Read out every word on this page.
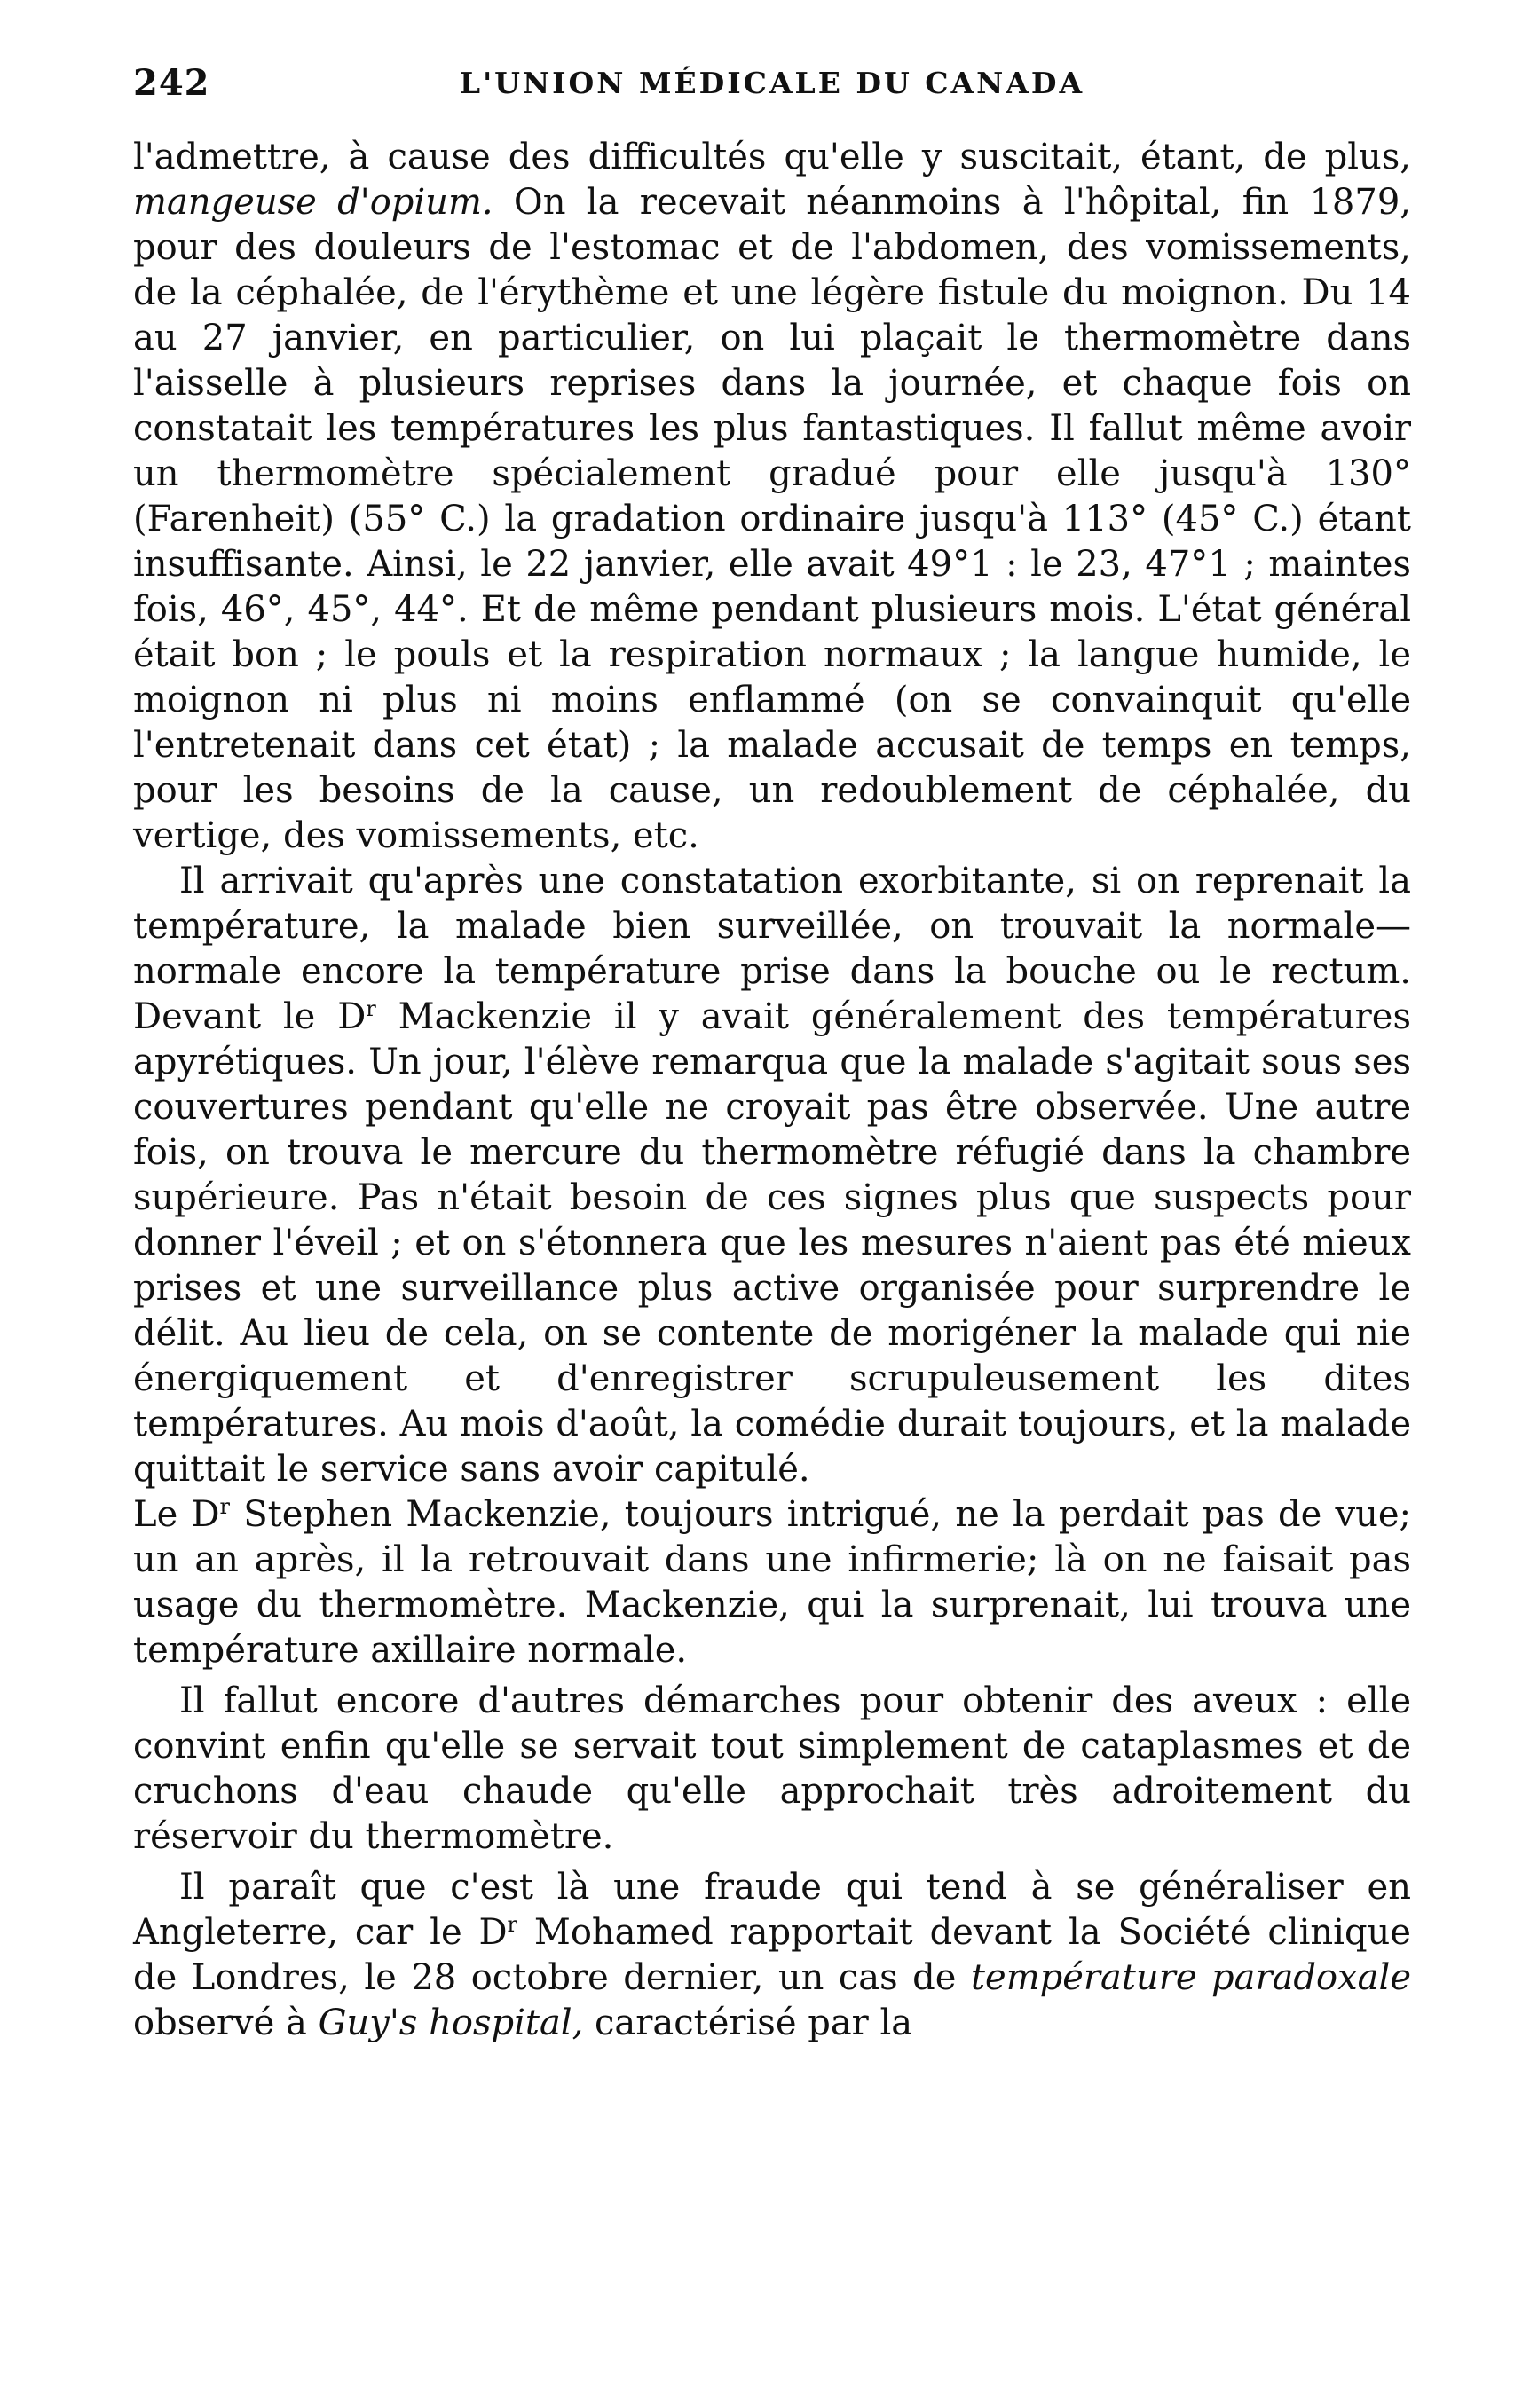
242	L'UNION MÉDICALE DU CANADA

l'admettre, à cause des difficultés qu'elle y suscitait, étant, de plus, mangeuse d'opium. On la recevait néanmoins à l'hôpital, fin 1879, pour des douleurs de l'estomac et de l'abdomen, des vomissements, de la céphalée, de l'érythème et une légère fistule du moignon. Du 14 au 27 janvier, en particulier, on lui plaçait le thermomètre dans l'aisselle à plusieurs reprises dans la journée, et chaque fois on constatait les températures les plus fantastiques. Il fallut même avoir un thermomètre spécialement gradué pour elle jusqu'à 130° (Farenheit) (55° C.) la gradation ordinaire jusqu'à 113° (45° C.) étant insuffisante. Ainsi, le 22 janvier, elle avait 49°1 : le 23, 47°1 ; maintes fois, 46°, 45°, 44°. Et de même pendant plusieurs mois. L'état général était bon ; le pouls et la respiration normaux ; la langue humide, le moignon ni plus ni moins enflammé (on se convainquit qu'elle l'entretenait dans cet état) ; la malade accusait de temps en temps, pour les besoins de la cause, un redoublement de céphalée, du vertige, des vomissements, etc.

Il arrivait qu'après une constatation exorbitante, si on reprenait la température, la malade bien surveillée, on trouvait la normale—normale encore la température prise dans la bouche ou le rectum. Devant le $D^r$ Mackenzie il y avait généralement des températures apyrétiques. Un jour, l'élève remarqua que la malade s'agitait sous ses couvertures pendant qu'elle ne croyait pas être observée. Une autre fois, on trouva le mercure du thermomètre réfugié dans la chambre supérieure. Pas n'était besoin de ces signes plus que suspects pour donner l'éveil ; et on s'étonnera que les mesures n'aient pas été mieux prises et une surveillance plus active organisée pour surprendre le délit. Au lieu de cela, on se contente de morigéner la malade qui nie énergiquement et d'enregistrer scrupuleusement les dites températures. Au mois d'août, la comédie durait toujours, et la malade quittait le service sans avoir capitulé.

Le $D^r$ Stephen Mackenzie, toujours intrigué, ne la perdait pas de vue; un an après, il la retrouvait dans une infirmerie; là on ne faisait pas usage du thermomètre. Mackenzie, qui la surprenait, lui trouva une température axillaire normale.

Il fallut encore d'autres démarches pour obtenir des aveux : elle convint enfin qu'elle se servait tout simplement de cataplasmes et de cruchons d'eau chaude qu'elle approchait très adroitement du réservoir du thermomètre.

Il paraît que c'est là une fraude qui tend à se généraliser en Angleterre, car le $D^r$ Mohamed rapportait devant la Société clinique de Londres, le 28 octobre dernier, un cas de température paradoxale observé à Guy's hospital, caractérisé par la
